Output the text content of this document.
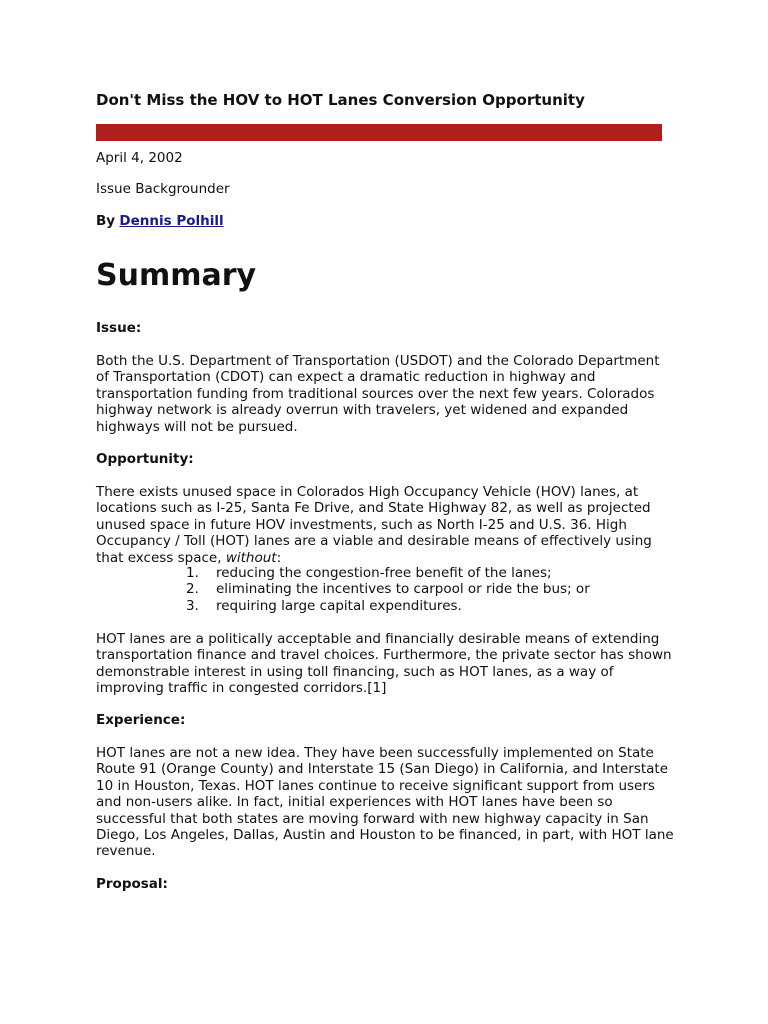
Don't Miss the HOV to HOT Lanes Conversion Opportunity

April 4, 2002

Issue Backgrounder

By Dennis Polhill

Summary
Issue:

Both the U.S. Department of Transportation (USDOT) and the Colorado Department of Transportation (CDOT) can expect a dramatic reduction in highway and transportation funding from traditional sources over the next few years. Colorados highway network is already overrun with travelers, yet widened and expanded highways will not be pursued.

Opportunity:

There exists unused space in Colorados High Occupancy Vehicle (HOV) lanes, at locations such as I-25, Santa Fe Drive, and State Highway 82, as well as projected unused space in future HOV investments, such as North I-25 and U.S. 36. High Occupancy / Toll (HOT) lanes are a viable and desirable means of effectively using that excess space, without:

1. reducing the congestion-free benefit of the lanes;
2. eliminating the incentives to carpool or ride the bus; or
3. requiring large capital expenditures.

HOT lanes are a politically acceptable and financially desirable means of extending transportation finance and travel choices. Furthermore, the private sector has shown demonstrable interest in using toll financing, such as HOT lanes, as a way of improving traffic in congested corridors.[1]

Experience:

HOT lanes are not a new idea. They have been successfully implemented on State Route 91 (Orange County) and Interstate 15 (San Diego) in California, and Interstate 10 in Houston, Texas. HOT lanes continue to receive significant support from users and non-users alike. In fact, initial experiences with HOT lanes have been so successful that both states are moving forward with new highway capacity in San Diego, Los Angeles, Dallas, Austin and Houston to be financed, in part, with HOT lane revenue.

Proposal:
